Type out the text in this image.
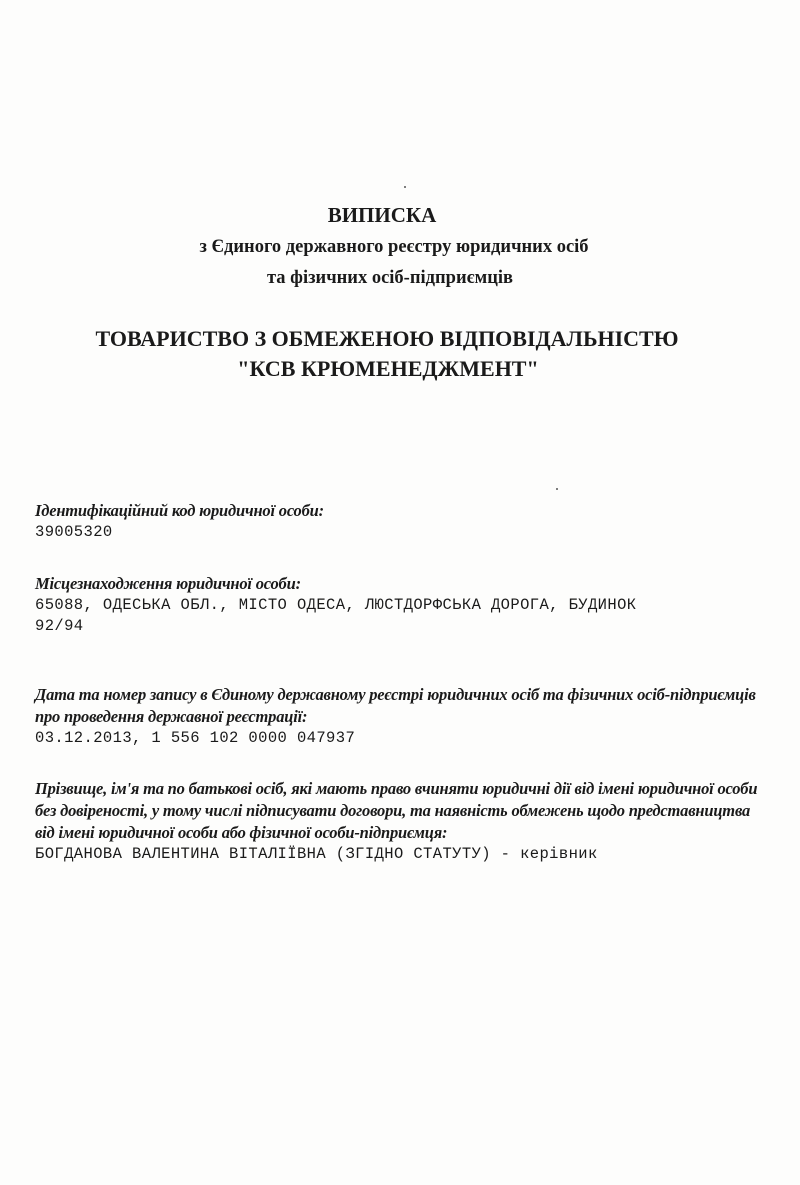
ВИПИСКА
з Єдиного державного реєстру юридичних осіб
та фізичних осіб-підприємців
ТОВАРИСТВО З ОБМЕЖЕНОЮ ВІДПОВІДАЛЬНІСТЮ
"КСВ КРЮМЕНЕДЖМЕНТ"

Ідентифікаційний код юридичної особи:

39005320

Місцезнаходження юридичної особи:

65088, ОДЕСЬКА ОБЛ., МІСТО ОДЕСА, ЛЮСТДОРФСЬКА ДОРОГА, БУДИНОК
92/94

Дата та номер запису в Єдиному державному реєстрі юридичних осіб та фізичних осіб-підприємців про проведення державної реєстрації:

03.12.2013, 1 556 102 0000 047937

Прізвище, ім'я та по батькові осіб, які мають право вчиняти юридичні дії від імені юридичної особи без довіреності, у тому числі підписувати договори, та наявність обмежень щодо представництва від імені юридичної особи або фізичної особи-підприємця:

БОГДАНОВА ВАЛЕНТИНА ВІТАЛІЇВНА (ЗГІДНО СТАТУТУ) - керівник
